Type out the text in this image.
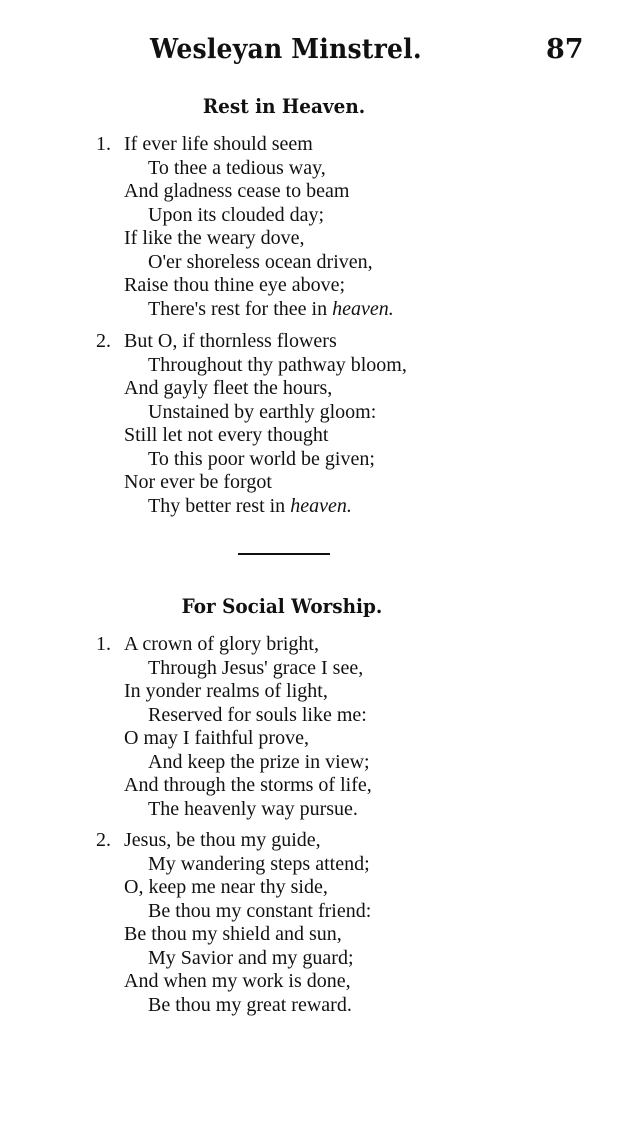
Wesleyan Minstrel.	87
Rest in Heaven.
1. If ever life should seem
To thee a tedious way,
And gladness cease to beam
Upon its clouded day;
If like the weary dove,
O'er shoreless ocean driven,
Raise thou thine eye above;
There's rest for thee in heaven.
2. But O, if thornless flowers
Throughout thy pathway bloom,
And gayly fleet the hours,
Unstained by earthly gloom:
Still let not every thought
To this poor world be given;
Nor ever be forgot
Thy better rest in heaven.
For Social Worship.
1. A crown of glory bright,
Through Jesus' grace I see,
In yonder realms of light,
Reserved for souls like me:
O may I faithful prove,
And keep the prize in view;
And through the storms of life,
The heavenly way pursue.
2. Jesus, be thou my guide,
My wandering steps attend;
O, keep me near thy side,
Be thou my constant friend:
Be thou my shield and sun,
My Savior and my guard;
And when my work is done,
Be thou my great reward.
